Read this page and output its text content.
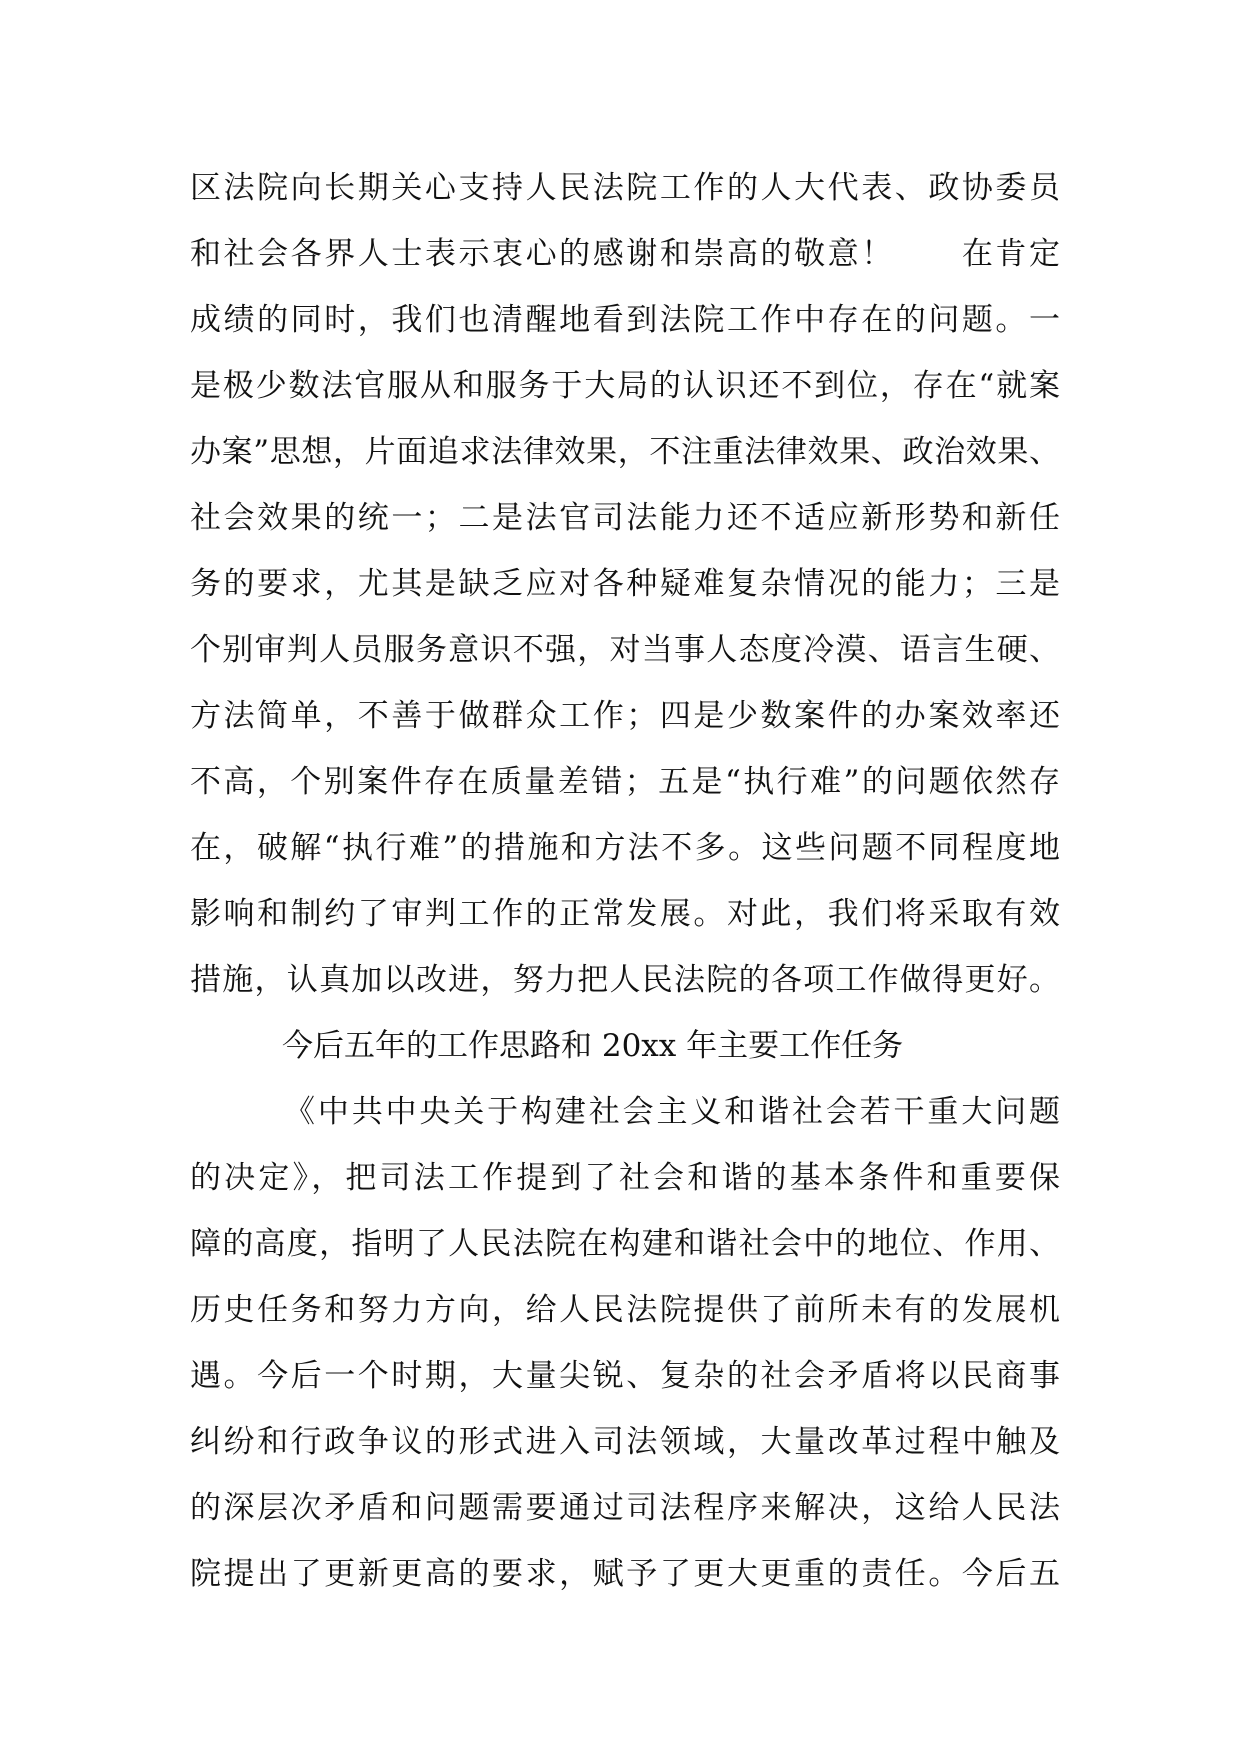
区法院向长期关心支持人民法院工作的人大代表、政协委员
和社会各界人士表示衷心的感谢和崇高的敬意！　　在肯定
成绩的同时，我们也清醒地看到法院工作中存在的问题。一
是极少数法官服从和服务于大局的认识还不到位，存在“就案
办案”思想，片面追求法律效果，不注重法律效果、政治效果、
社会效果的统一；二是法官司法能力还不适应新形势和新任
务的要求，尤其是缺乏应对各种疑难复杂情况的能力；三是
个别审判人员服务意识不强，对当事人态度冷漠、语言生硬、
方法简单，不善于做群众工作；四是少数案件的办案效率还
不高，个别案件存在质量差错；五是“执行难”的问题依然存
在，破解“执行难”的措施和方法不多。这些问题不同程度地
影响和制约了审判工作的正常发展。对此，我们将采取有效
措施，认真加以改进，努力把人民法院的各项工作做得更好。
今后五年的工作思路和 20xx 年主要工作任务
《中共中央关于构建社会主义和谐社会若干重大问题
的决定》，把司法工作提到了社会和谐的基本条件和重要保
障的高度，指明了人民法院在构建和谐社会中的地位、作用、
历史任务和努力方向，给人民法院提供了前所未有的发展机
遇。今后一个时期，大量尖锐、复杂的社会矛盾将以民商事
纠纷和行政争议的形式进入司法领域，大量改革过程中触及
的深层次矛盾和问题需要通过司法程序来解决，这给人民法
院提出了更新更高的要求，赋予了更大更重的责任。今后五
